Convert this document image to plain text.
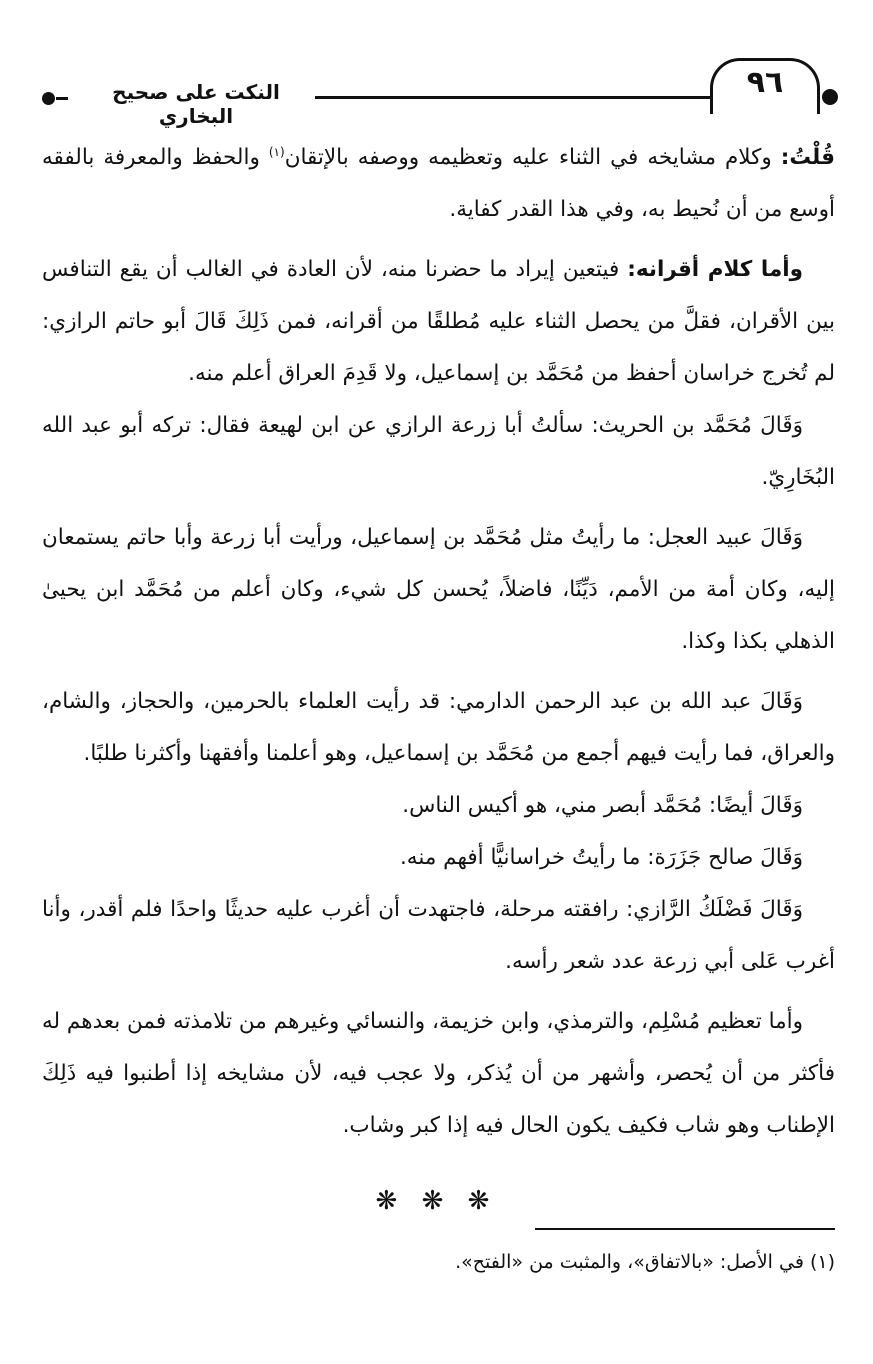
النكت على صحيح البخاري
٩٦

قُلْتُ: وكلام مشايخه في الثناء عليه وتعظيمه ووصفه بالإتقان$^{(١)}$ والحفظ والمعرفة بالفقه أوسع من أن نُحيط به، وفي هذا القدر كفاية.

وأما كلام أقرانه: فيتعين إيراد ما حضرنا منه، لأن العادة في الغالب أن يقع التنافس بين الأقران، فقلَّ من يحصل الثناء عليه مُطلقًا من أقرانه، فمن ذَلِكَ قَالَ أبو حاتم الرازي: لم تُخرج خراسان أحفظ من مُحَمَّد بن إسماعيل، ولا قَدِمَ العراق أعلم منه.

وَقَالَ مُحَمَّد بن الحريث: سألتُ أبا زرعة الرازي عن ابن لهيعة فقال: تركه أبو عبد الله البُخَارِيّ.

وَقَالَ عبيد العجل: ما رأيتُ مثل مُحَمَّد بن إسماعيل، ورأيت أبا زرعة وأبا حاتم يستمعان إليه، وكان أمة من الأمم، دَيِّنًا، فاضلاً، يُحسن كل شيء، وكان أعلم من مُحَمَّد ابن يحيىٰ الذهلي بكذا وكذا.

وَقَالَ عبد الله بن عبد الرحمن الدارمي: قد رأيت العلماء بالحرمين، والحجاز، والشام، والعراق، فما رأيت فيهم أجمع من مُحَمَّد بن إسماعيل، وهو أعلمنا وأفقهنا وأكثرنا طلبًا.

وَقَالَ أيضًا: مُحَمَّد أبصر مني، هو أكيس الناس.

وَقَالَ صالح جَزَرَة: ما رأيتُ خراسانيًّا أفهم منه.

وَقَالَ فَضْلَكُ الرَّازي: رافقته مرحلة، فاجتهدت أن أغرب عليه حديثًا واحدًا فلم أقدر، وأنا أغرب عَلى أبي زرعة عدد شعر رأسه.

وأما تعظيم مُسْلِم، والترمذي، وابن خزيمة، والنسائي وغيرهم من تلامذته فمن بعدهم له فأكثر من أن يُحصر، وأشهر من أن يُذكر، ولا عجب فيه، لأن مشايخه إذا أطنبوا فيه ذَلِكَ الإطناب وهو شاب فكيف يكون الحال فيه إذا كبر وشاب.

❋ ❋ ❋
(١) في الأصل: «بالاتفاق»، والمثبت من «الفتح».
